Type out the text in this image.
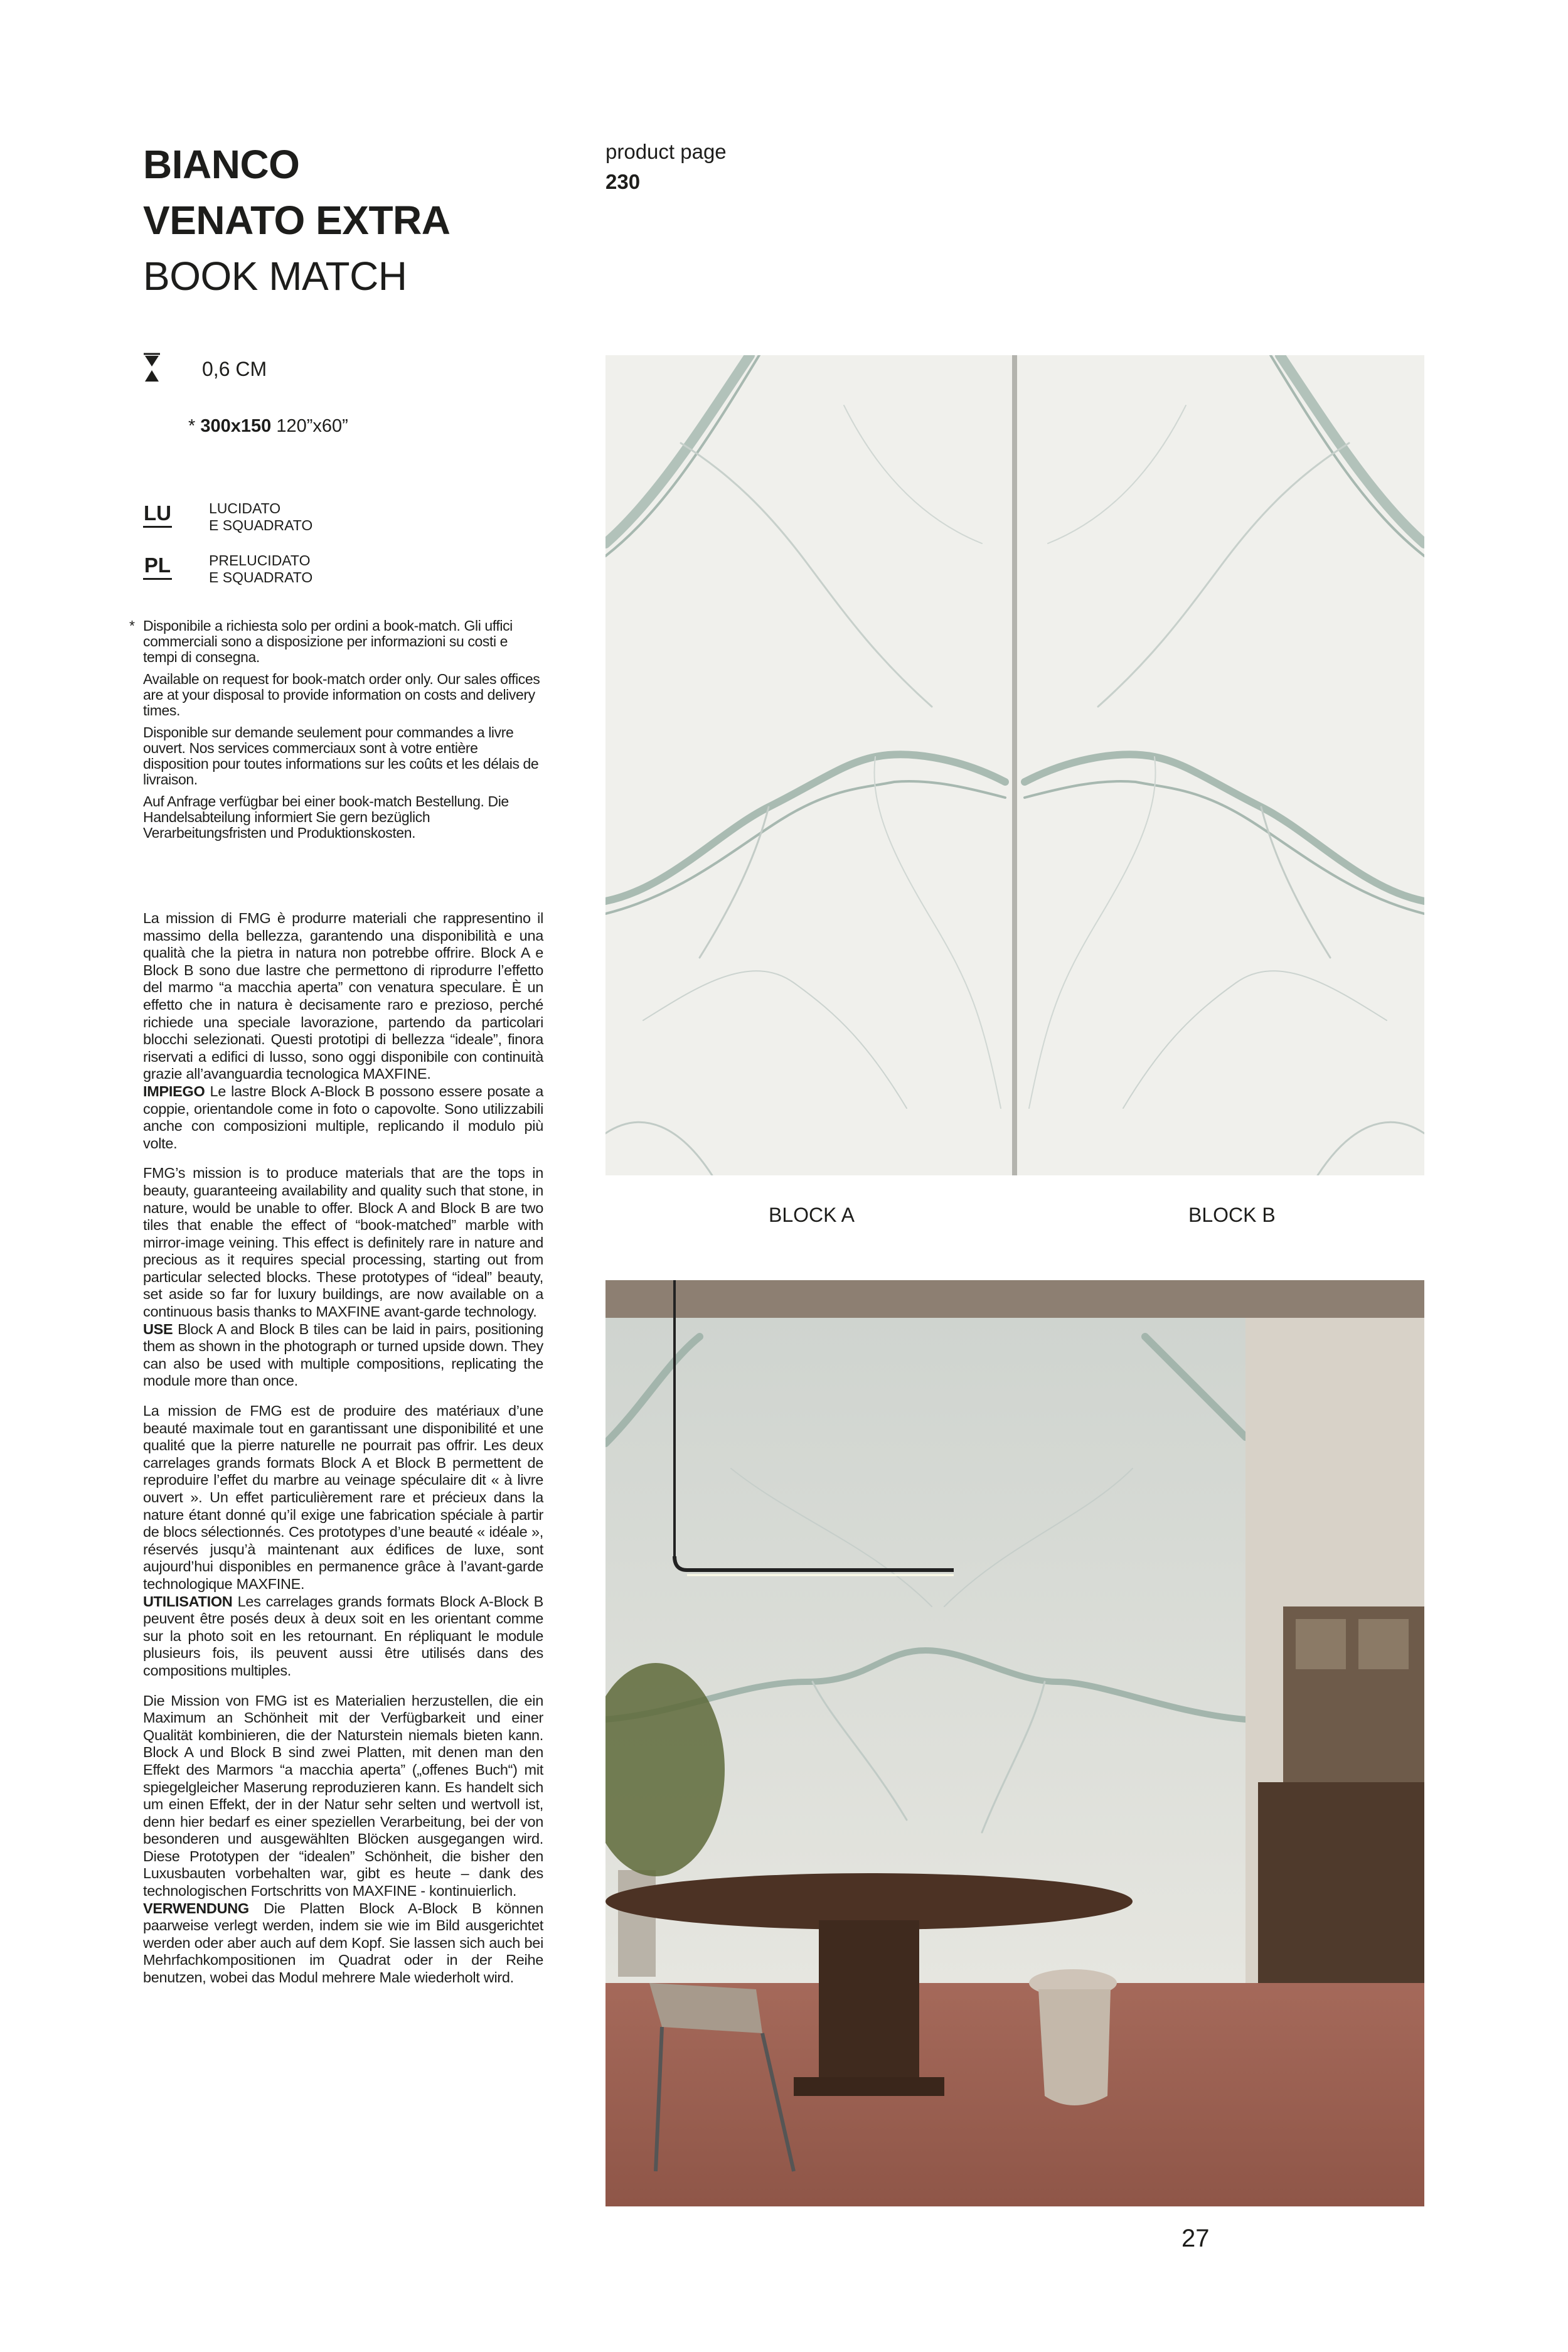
BIANCO
VENATO EXTRA
BOOK MATCH
product page
230
0,6 CM
* 300x150 120”x60”
LU	LUCIDATO
E SQUADRATO
PL	PRELUCIDATO
E SQUADRATO

* Disponibile a richiesta solo per ordini a book-match. Gli uffici commerciali sono a disposizione per informazioni su costi e tempi di consegna.

Available on request for book-match order only. Our sales offices are at your disposal to provide information on costs and delivery times.

Disponible sur demande seulement pour commandes a livre ouvert. Nos services commerciaux sont à votre entière disposition pour toutes informations sur les coûts et les délais de livraison.

Auf Anfrage verfügbar bei einer book-match Bestellung. Die Handelsabteilung informiert Sie gern bezüglich Verarbeitungsfristen und Produktionskosten.

La mission di FMG è produrre materiali che rappresentino il massimo della bellezza, garantendo una disponibilità e una qualità che la pietra in natura non potrebbe offrire. Block A e Block B sono due lastre che permettono di riprodurre l’effetto del marmo “a macchia aperta” con venatura speculare. È un effetto che in natura è decisamente raro e prezioso, perché richiede una speciale lavorazione, partendo da particolari blocchi selezionati. Questi prototipi di bellezza “ideale”, finora riservati a edifici di lusso, sono oggi disponibile con continuità grazie all’avanguardia tecnologica MAXFINE.

IMPIEGO Le lastre Block A-Block B possono essere posate a coppie, orientandole come in foto o capovolte. Sono utilizzabili anche con composizioni multiple, replicando il modulo più volte.

FMG’s mission is to produce materials that are the tops in beauty, guaranteeing availability and quality such that stone, in nature, would be unable to offer. Block A and Block B are two tiles that enable the effect of “book-matched” marble with mirror-image veining. This effect is definitely rare in nature and precious as it requires special processing, starting out from particular selected blocks. These prototypes of “ideal” beauty, set aside so far for luxury buildings, are now available on a continuous basis thanks to MAXFINE avant-garde technology.

USE Block A and Block B tiles can be laid in pairs, positioning them as shown in the photograph or turned upside down. They can also be used with multiple compositions, replicating the module more than once.

La mission de FMG est de produire des matériaux d’une beauté maximale tout en garantissant une disponibilité et une qualité que la pierre naturelle ne pourrait pas offrir. Les deux carrelages grands formats Block A et Block B permettent de reproduire l’effet du marbre au veinage spéculaire dit « à livre ouvert ». Un effet particulièrement rare et précieux dans la nature étant donné qu’il exige une fabrication spéciale à partir de blocs sélectionnés. Ces prototypes d’une beauté « idéale », réservés jusqu’à maintenant aux édifices de luxe, sont aujourd’hui disponibles en permanence grâce à l’avant-garde technologique MAXFINE.

UTILISATION Les carrelages grands formats Block A-Block B peuvent être posés deux à deux soit en les orientant comme sur la photo soit en les retournant. En répliquant le module plusieurs fois, ils peuvent aussi être utilisés dans des compositions multiples.

Die Mission von FMG ist es Materialien herzustellen, die ein Maximum an Schönheit mit der Verfügbarkeit und einer Qualität kombinieren, die der Naturstein niemals bieten kann. Block A und Block B sind zwei Platten, mit denen man den Effekt des Marmors “a macchia aperta” („offenes Buch“) mit spiegelgleicher Maserung reproduzieren kann. Es handelt sich um einen Effekt, der in der Natur sehr selten und wertvoll ist, denn hier bedarf es einer speziellen Verarbeitung, bei der von besonderen und ausgewählten Blöcken ausgegangen wird. Diese Prototypen der “idealen” Schönheit, die bisher den Luxusbauten vorbehalten war, gibt es heute – dank des technologischen Fortschritts von MAXFINE - kontinuierlich.

VERWENDUNG Die Platten Block A-Block B können paarweise verlegt werden, indem sie wie im Bild ausgerichtet werden oder aber auch auf dem Kopf. Sie lassen sich auch bei Mehrfachkompositionen im Quadrat oder in der Reihe benutzen, wobei das Modul mehrere Male wiederholt wird.

BLOCK A	BLOCK B
27
